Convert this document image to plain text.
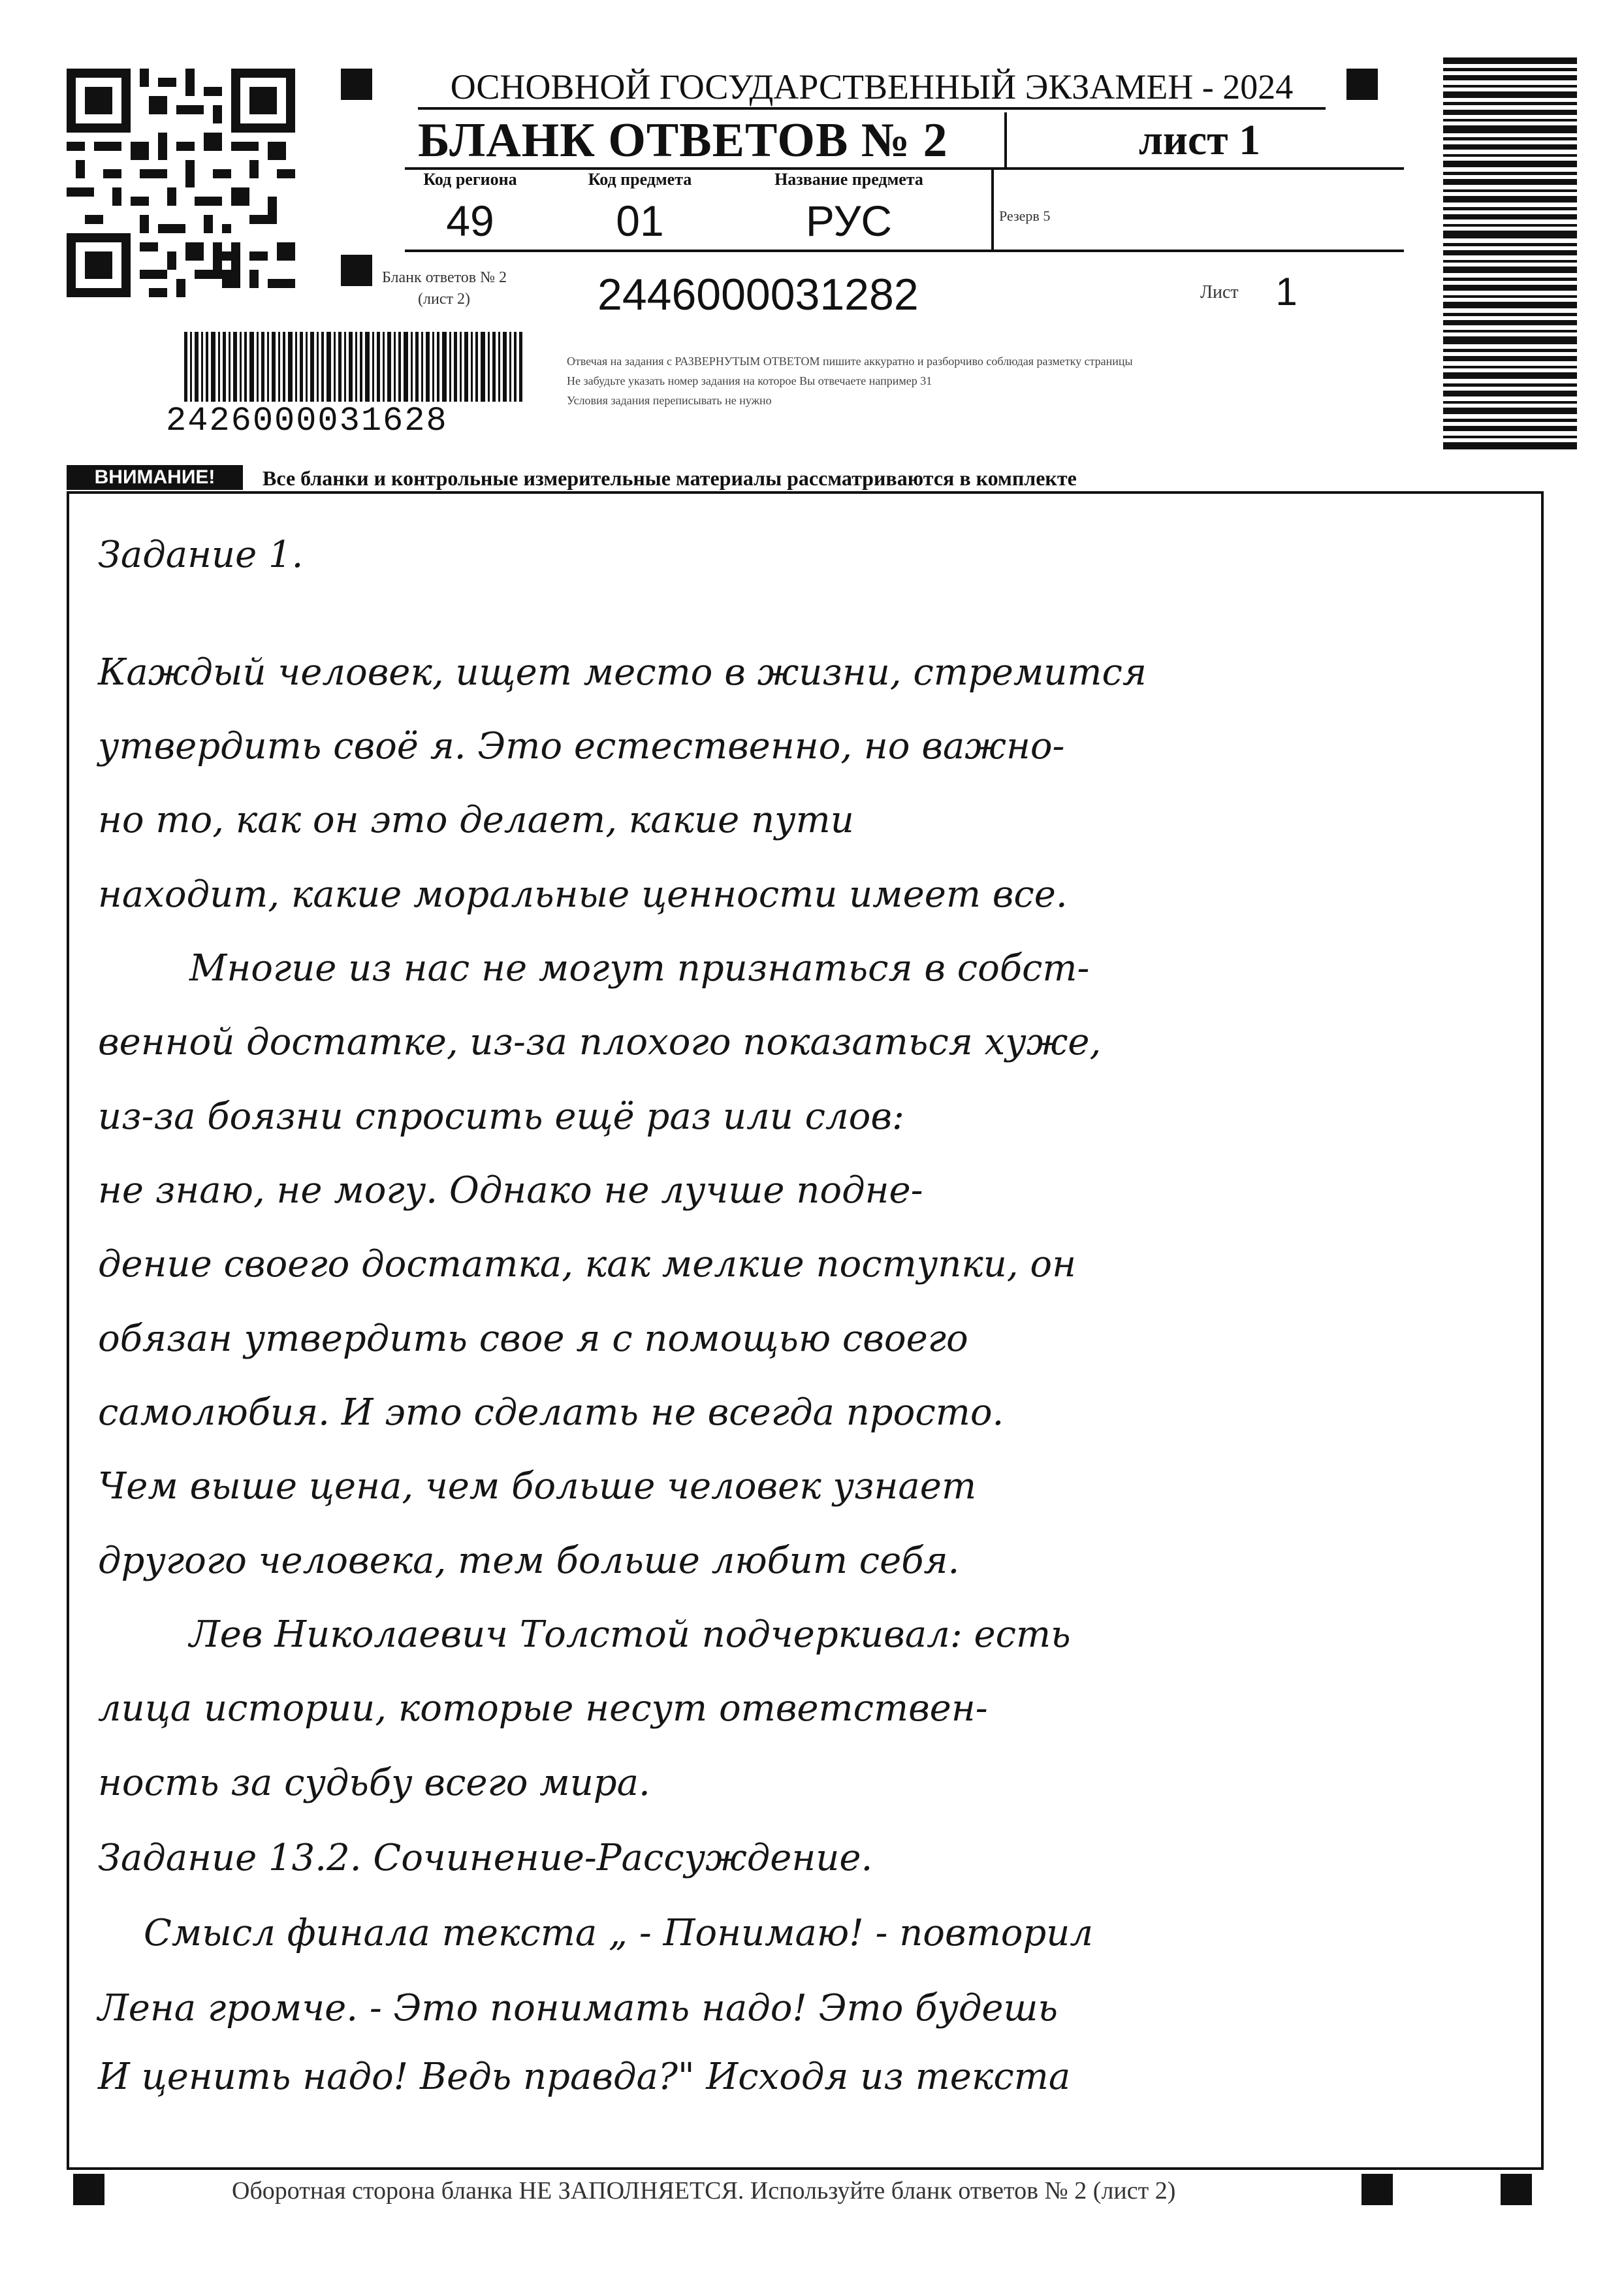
ОСНОВНОЙ ГОСУДАРСТВЕННЫЙ ЭКЗАМЕН - 2024
БЛАНК ОТВЕТОВ № 2	лист 1
Код региона
49
Код предмета
01
Название предмета
РУС	Резерв 5
Бланк ответов № 2
(лист 2)	2446000031282	Лист 1
2426000031628
Отвечая на задания с РАЗВЕРНУТЫМ ОТВЕТОМ пишите аккуратно и разборчиво соблюдая разметку страницы
Не забудьте указать номер задания на которое Вы отвечаете например 31
Условия задания переписывать не нужно
ВНИМАНИЕ!	Все бланки и контрольные измерительные материалы рассматриваются в комплекте
Задание 1.
Каждый человек, ищет место в жизни, стремится
утвердить своё я. Это естественно, но важно-
но то, как он это делает, какие пути
находит, какие моральные ценности имеет все.
Многие из нас не могут признаться в собст-
венной достатке, из-за плохого показаться хуже,
из-за боязни спросить ещё раз или слов:
не знаю, не могу. Однако не лучше подне-
дение своего достатка, как мелкие поступки, он
обязан утвердить свое я с помощью своего
самолюбия. И это сделать не всегда просто.
Чем выше цена, чем больше человек узнает
другого человека, тем больше любит себя.
Лев Николаевич Толстой подчеркивал: есть
лица истории, которые несут ответствен-
ность за судьбу всего мира.
Задание 13.2. Сочинение-Рассуждение.
Смысл финала текста „ - Понимаю! - повторил
Лена громче. - Это понимать надо! Это будешь
И ценить надо! Ведь правда?" Исходя из текста
Оборотная сторона бланка НЕ ЗАПОЛНЯЕТСЯ. Используйте бланк ответов № 2 (лист 2)
